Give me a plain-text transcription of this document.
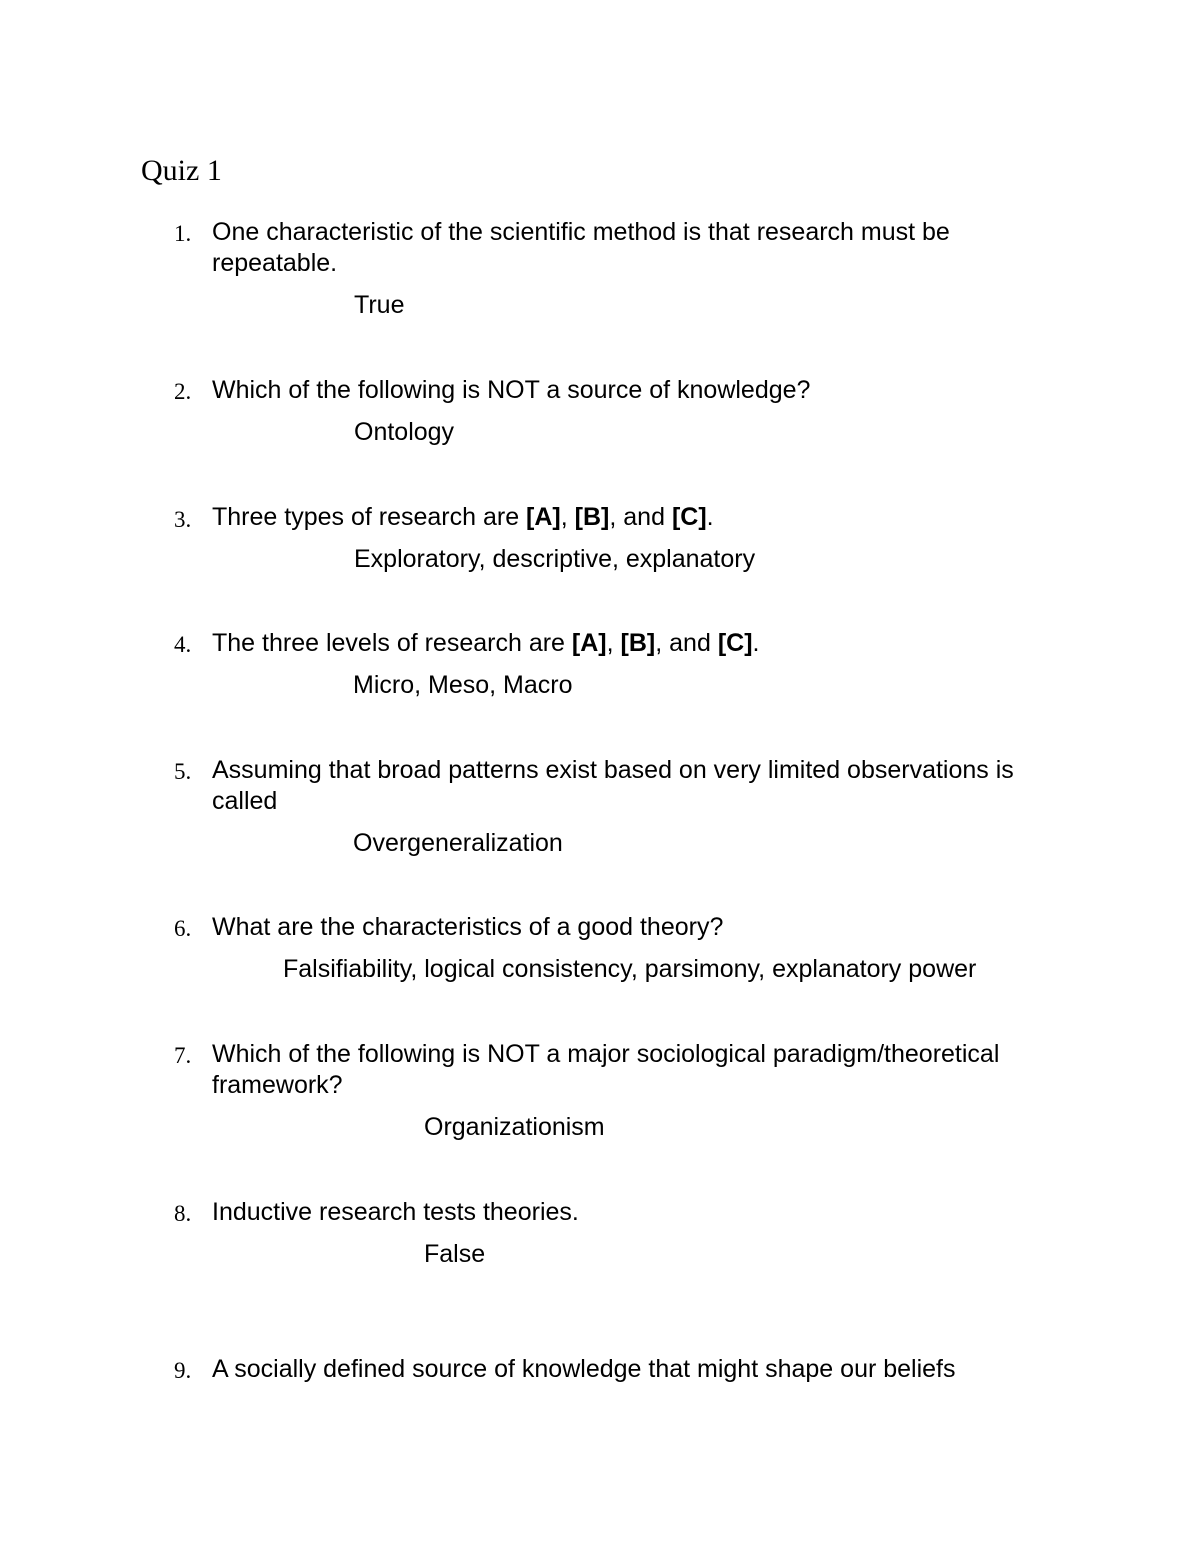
Quiz 1
1. One characteristic of the scientific method is that research must be repeatable.
True
2. Which of the following is NOT a source of knowledge?
Ontology
3. Three types of research are [A], [B], and [C].
Exploratory, descriptive, explanatory
4. The three levels of research are [A], [B], and [C].
Micro, Meso, Macro
5. Assuming that broad patterns exist based on very limited observations is called
Overgeneralization
6. What are the characteristics of a good theory?
Falsifiability, logical consistency, parsimony, explanatory power
7. Which of the following is NOT a major sociological paradigm/theoretical framework?
Organizationism
8. Inductive research tests theories.
False
9. A socially defined source of knowledge that might shape our beliefs
